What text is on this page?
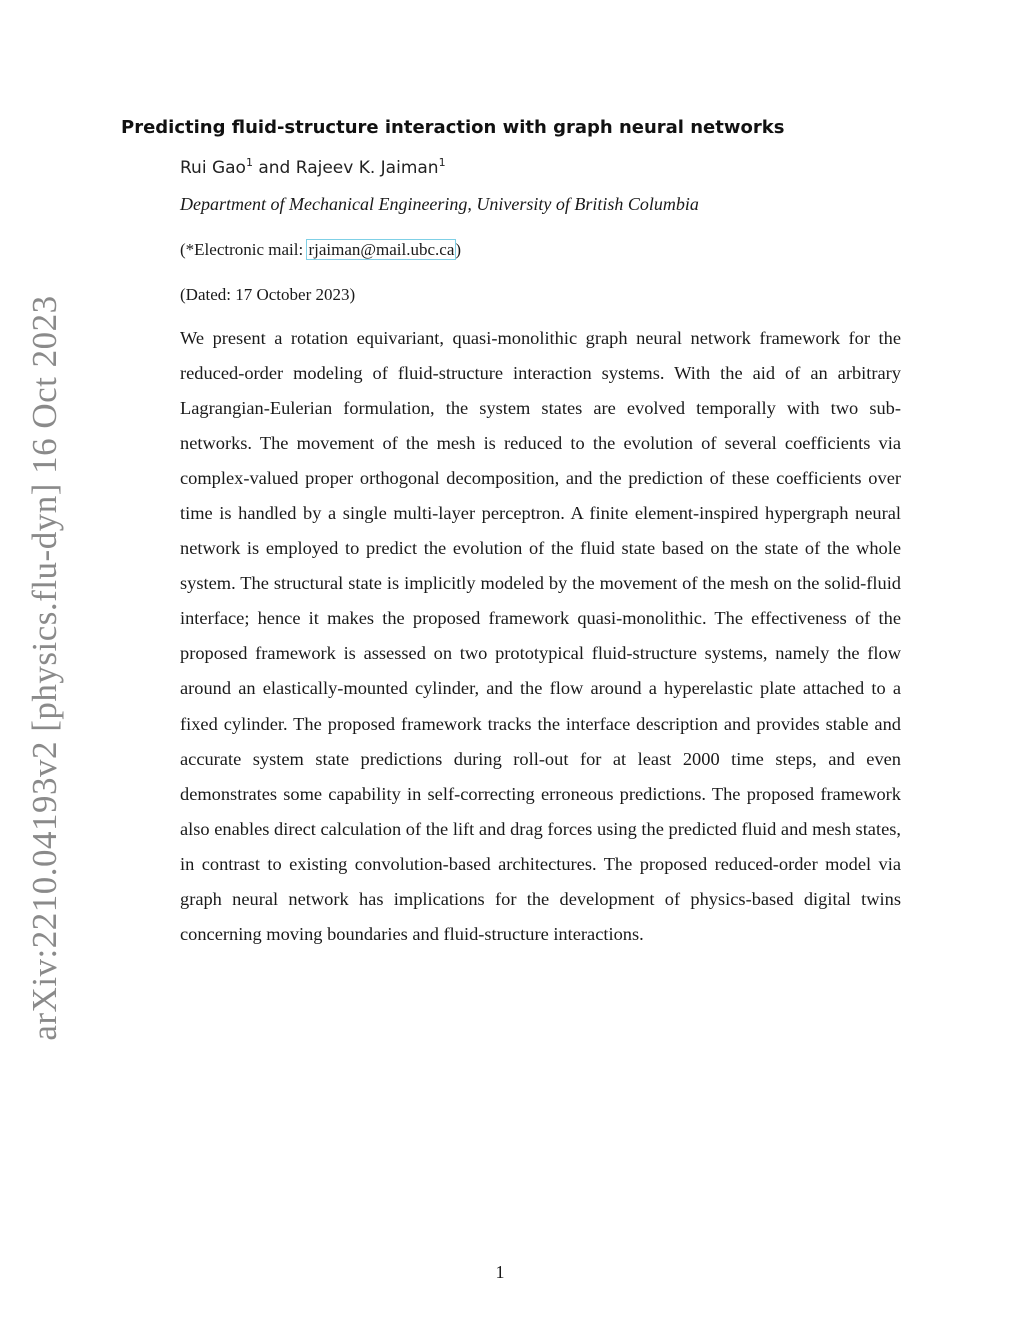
arXiv:2210.04193v2 [physics.flu-dyn] 16 Oct 2023
Predicting fluid-structure interaction with graph neural networks
Rui Gao$^1$ and Rajeev K. Jaiman$^1$
Department of Mechanical Engineering, University of British Columbia
(*Electronic mail: rjaiman@mail.ubc.ca)
(Dated: 17 October 2023)

We present a rotation equivariant, quasi-monolithic graph neural network framework for the reduced-order modeling of fluid-structure interaction systems. With the aid of an arbitrary Lagrangian-Eulerian formulation, the system states are evolved temporally with two sub-networks. The movement of the mesh is reduced to the evolution of several coefficients via complex-valued proper orthogonal decomposition, and the prediction of these coefficients over time is handled by a single multi-layer perceptron. A finite element-inspired hypergraph neural network is employed to predict the evolution of the fluid state based on the state of the whole system. The structural state is implicitly modeled by the movement of the mesh on the solid-fluid interface; hence it makes the proposed framework quasi-monolithic. The effectiveness of the proposed framework is assessed on two prototypical fluid-structure systems, namely the flow around an elastically-mounted cylinder, and the flow around a hyperelastic plate attached to a fixed cylinder. The proposed framework tracks the interface description and provides stable and accurate system state predictions during roll-out for at least 2000 time steps, and even demonstrates some capability in self-correcting erroneous predictions. The proposed framework also enables direct calculation of the lift and drag forces using the predicted fluid and mesh states, in contrast to existing convolution-based architectures. The proposed reduced-order model via graph neural network has implications for the development of physics-based digital twins concerning moving boundaries and fluid-structure interactions.

1
